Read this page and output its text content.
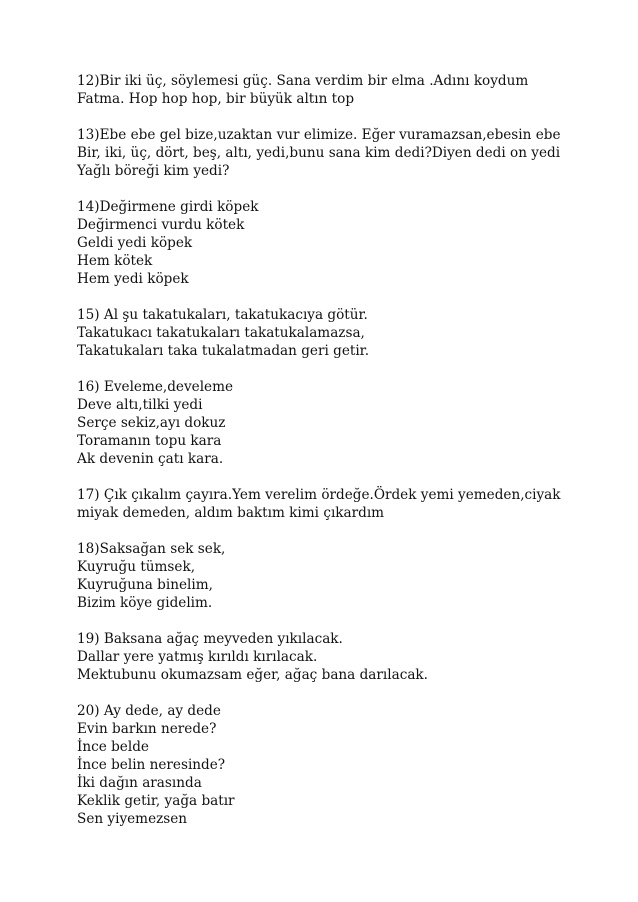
12)Bir iki üç, söylemesi güç. Sana verdim bir elma .Adını koydum
Fatma. Hop hop hop, bir büyük altın top
13)Ebe ebe gel bize,uzaktan vur elimize. Eğer vuramazsan,ebesin ebe
Bir, iki, üç, dört, beş, altı, yedi,bunu sana kim dedi?Diyen dedi on yedi
Yağlı böreği kim yedi?
14)Değirmene girdi köpek
Değirmenci vurdu kötek
Geldi yedi köpek
Hem kötek
Hem yedi köpek
15) Al şu takatukaları, takatukacıya götür.
Takatukacı takatukaları takatukalamazsa,
Takatukaları taka tukalatmadan geri getir.
16) Eveleme,develeme
Deve altı,tilki yedi
Serçe sekiz,ayı dokuz
Toramanın topu kara
Ak devenin çatı kara.
17) Çık çıkalım çayıra.Yem verelim ördeğe.Ördek yemi yemeden,ciyak
miyak demeden, aldım baktım kimi çıkardım
18)Saksağan sek sek,
Kuyruğu tümsek,
Kuyruğuna binelim,
Bizim köye gidelim.
19) Baksana ağaç meyveden yıkılacak.
Dallar yere yatmış kırıldı kırılacak.
Mektubunu okumazsam eğer, ağaç bana darılacak.
20) Ay dede, ay dede
Evin barkın nerede?
İnce belde
İnce belin neresinde?
İki dağın arasında
Keklik getir, yağa batır
Sen yiyemezsen
